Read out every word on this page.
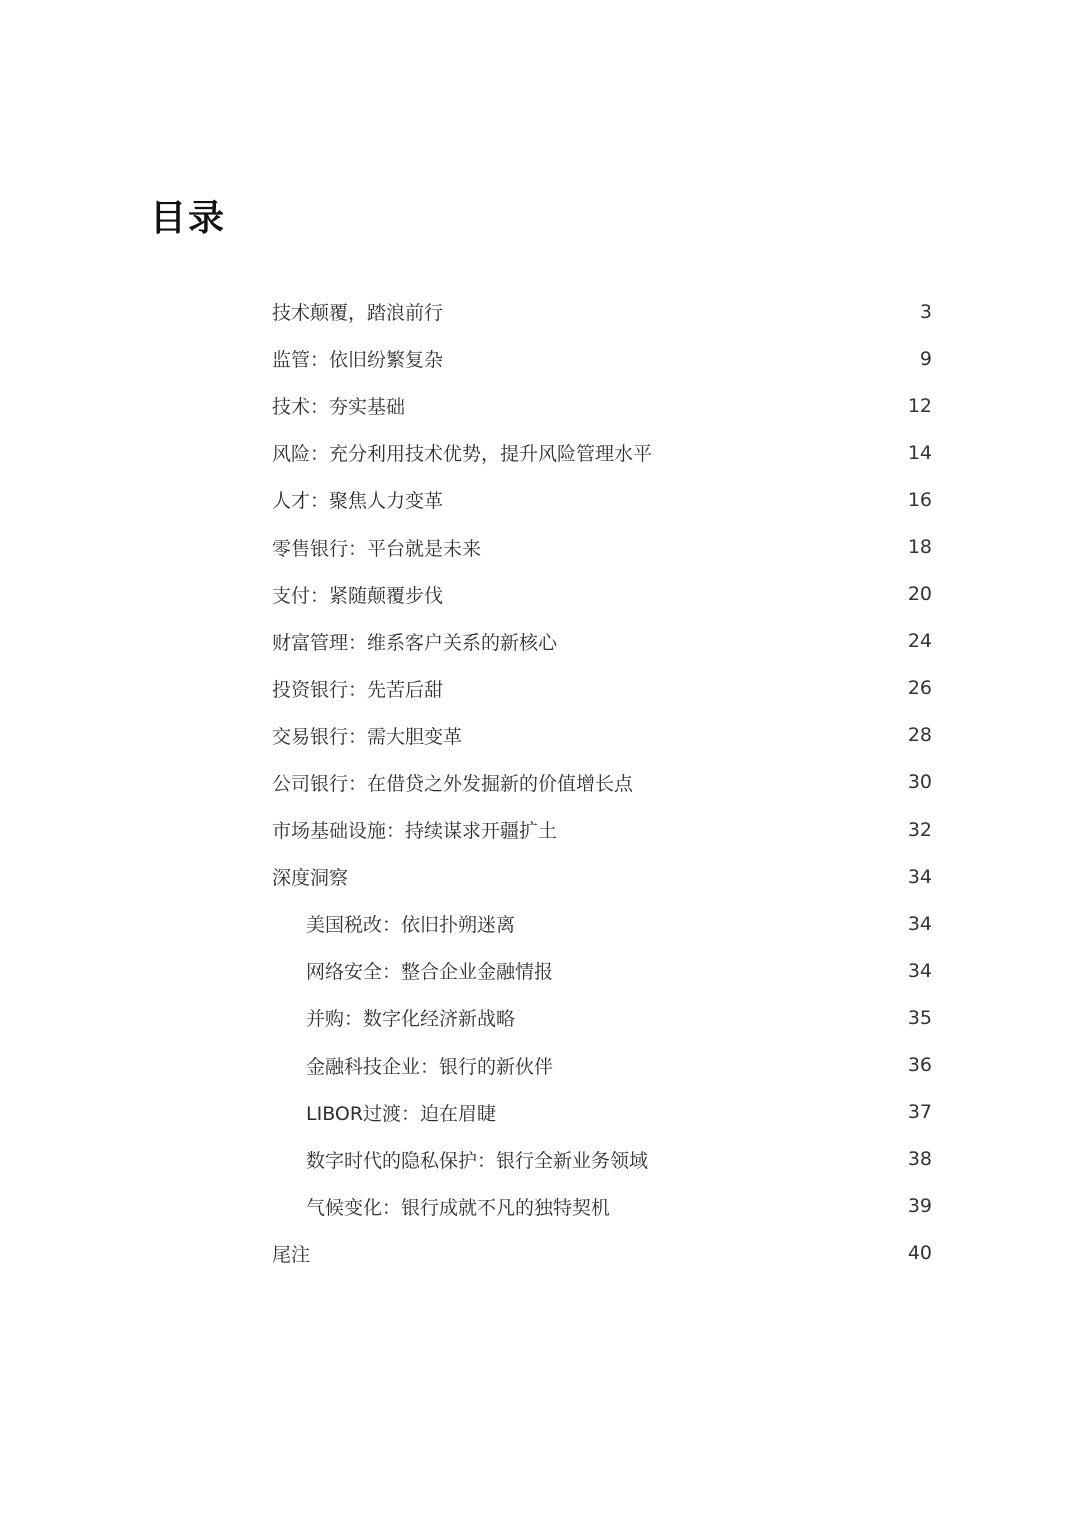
目录
技术颠覆，踏浪前行	3
监管：依旧纷繁复杂	9
技术：夯实基础	12
风险：充分利用技术优势，提升风险管理水平	14
人才：聚焦人力变革	16
零售银行：平台就是未来	18
支付：紧随颠覆步伐	20
财富管理：维系客户关系的新核心	24
投资银行：先苦后甜	26
交易银行：需大胆变革	28
公司银行：在借贷之外发掘新的价值增长点	30
市场基础设施：持续谋求开疆扩土	32
深度洞察	34
美国税改：依旧扑朔迷离	34
网络安全：整合企业金融情报	34
并购：数字化经济新战略	35
金融科技企业：银行的新伙伴	36
LIBOR过渡：迫在眉睫	37
数字时代的隐私保护：银行全新业务领域	38
气候变化：银行成就不凡的独特契机	39
尾注	40
